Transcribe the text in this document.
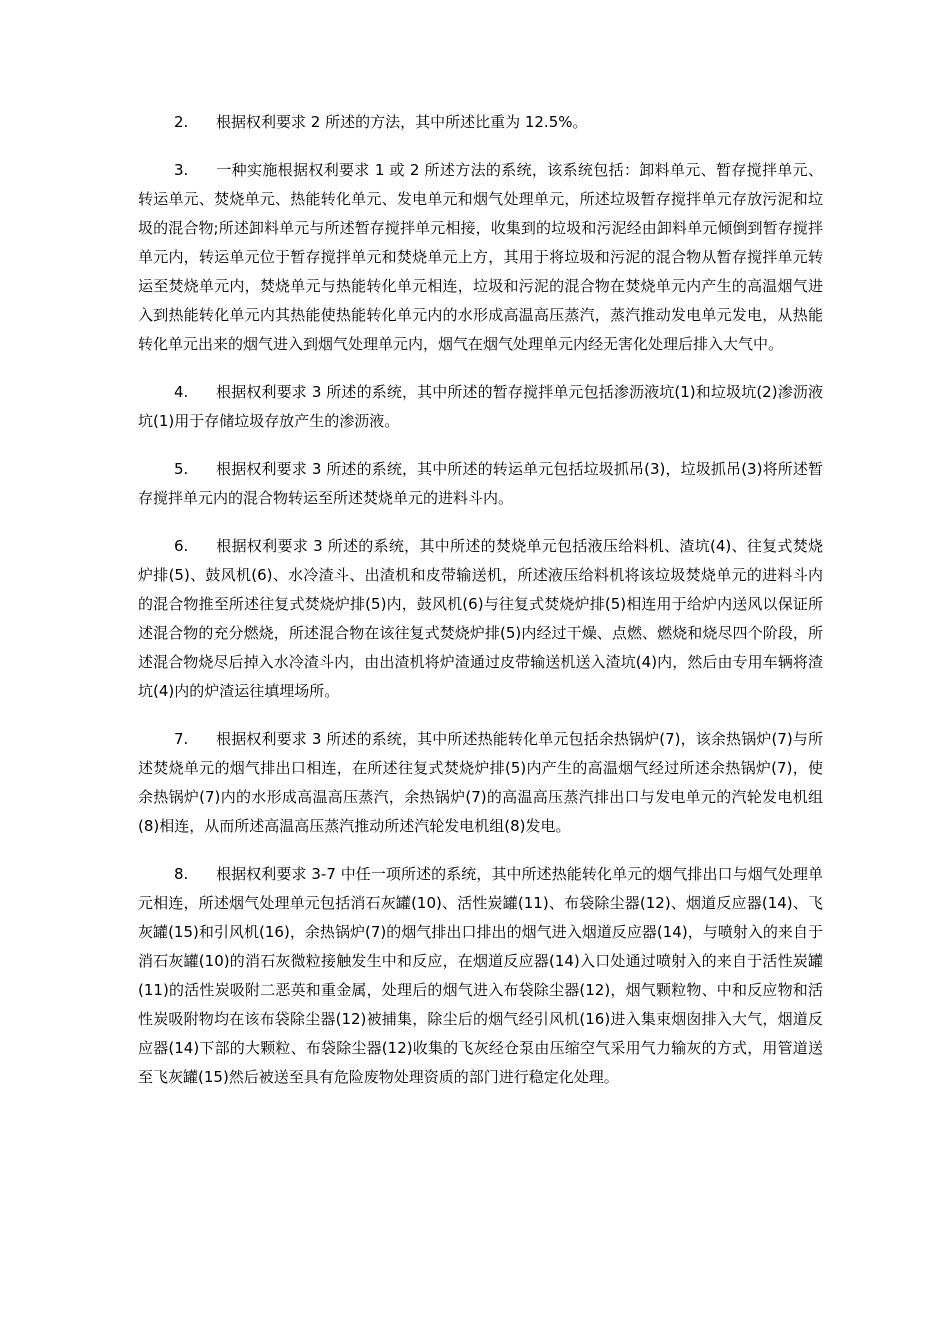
2. 根据权利要求 2 所述的方法，其中所述比重为 12.5%。

3. 一种实施根据权利要求 1 或 2 所述方法的系统，该系统包括：卸料单元、暂存搅拌单元、转运单元、焚烧单元、热能转化单元、发电单元和烟气处理单元，所述垃圾暂存搅拌单元存放污泥和垃圾的混合物;所述卸料单元与所述暂存搅拌单元相接，收集到的垃圾和污泥经由卸料单元倾倒到暂存搅拌单元内，转运单元位于暂存搅拌单元和焚烧单元上方，其用于将垃圾和污泥的混合物从暂存搅拌单元转运至焚烧单元内，焚烧单元与热能转化单元相连，垃圾和污泥的混合物在焚烧单元内产生的高温烟气进入到热能转化单元内其热能使热能转化单元内的水形成高温高压蒸汽，蒸汽推动发电单元发电，从热能转化单元出来的烟气进入到烟气处理单元内，烟气在烟气处理单元内经无害化处理后排入大气中。

4. 根据权利要求 3 所述的系统，其中所述的暂存搅拌单元包括渗沥液坑(1)和垃圾坑(2)渗沥液坑(1)用于存储垃圾存放产生的渗沥液。

5. 根据权利要求 3 所述的系统，其中所述的转运单元包括垃圾抓吊(3)，垃圾抓吊(3)将所述暂存搅拌单元内的混合物转运至所述焚烧单元的进料斗内。

6. 根据权利要求 3 所述的系统，其中所述的焚烧单元包括液压给料机、渣坑(4)、往复式焚烧炉排(5)、鼓风机(6)、水冷渣斗、出渣机和皮带输送机，所述液压给料机将该垃圾焚烧单元的进料斗内的混合物推至所述往复式焚烧炉排(5)内，鼓风机(6)与往复式焚烧炉排(5)相连用于给炉内送风以保证所述混合物的充分燃烧，所述混合物在该往复式焚烧炉排(5)内经过干燥、点燃、燃烧和烧尽四个阶段，所述混合物烧尽后掉入水冷渣斗内，由出渣机将炉渣通过皮带输送机送入渣坑(4)内，然后由专用车辆将渣坑(4)内的炉渣运往填埋场所。

7. 根据权利要求 3 所述的系统，其中所述热能转化单元包括余热锅炉(7)，该余热锅炉(7)与所述焚烧单元的烟气排出口相连，在所述往复式焚烧炉排(5)内产生的高温烟气经过所述余热锅炉(7)，使余热锅炉(7)内的水形成高温高压蒸汽，余热锅炉(7)的高温高压蒸汽排出口与发电单元的汽轮发电机组(8)相连，从而所述高温高压蒸汽推动所述汽轮发电机组(8)发电。

8. 根据权利要求 3-7 中任一项所述的系统，其中所述热能转化单元的烟气排出口与烟气处理单元相连，所述烟气处理单元包括消石灰罐(10)、活性炭罐(11)、布袋除尘器(12)、烟道反应器(14)、飞灰罐(15)和引风机(16)，余热锅炉(7)的烟气排出口排出的烟气进入烟道反应器(14)，与喷射入的来自于消石灰罐(10)的消石灰微粒接触发生中和反应，在烟道反应器(14)入口处通过喷射入的来自于活性炭罐(11)的活性炭吸附二恶英和重金属，处理后的烟气进入布袋除尘器(12)，烟气颗粒物、中和反应物和活性炭吸附物均在该布袋除尘器(12)被捕集，除尘后的烟气经引风机(16)进入集束烟囱排入大气，烟道反应器(14)下部的大颗粒、布袋除尘器(12)收集的飞灰经仓泵由压缩空气采用气力输灰的方式，用管道送至飞灰罐(15)然后被送至具有危险废物处理资质的部门进行稳定化处理。
